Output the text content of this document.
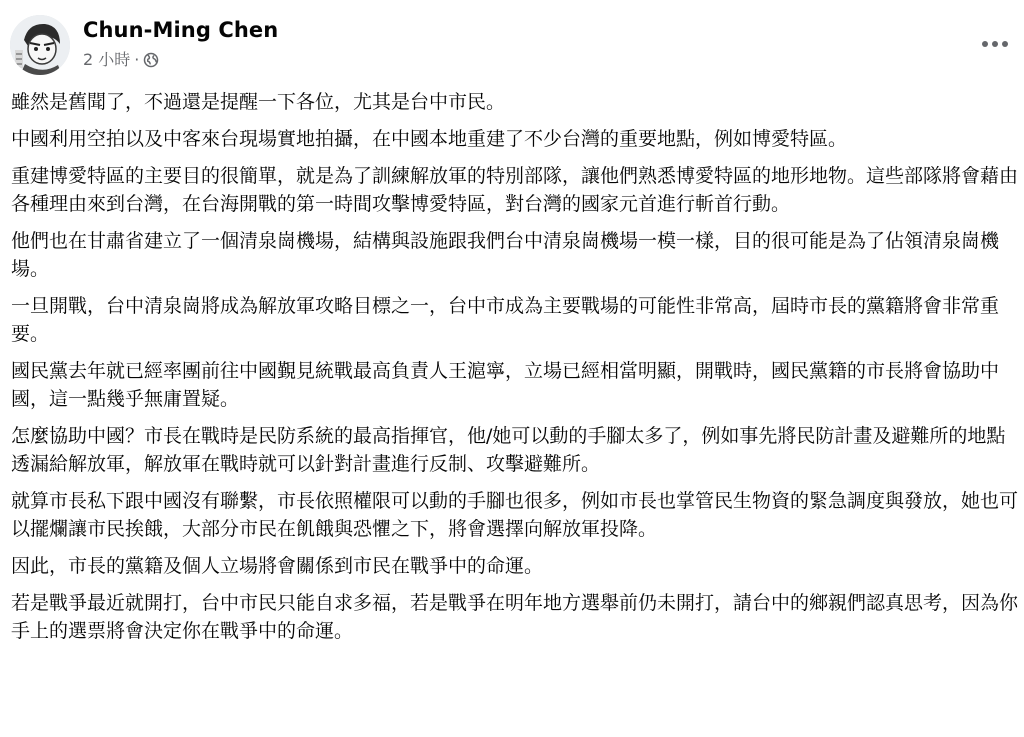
Chun-Ming Chen
2 小時 ·

雖然是舊聞了，不過還是提醒一下各位，尤其是台中市民。

中國利用空拍以及中客來台現場實地拍攝，在中國本地重建了不少台灣的重要地點，例如博愛特區。

重建博愛特區的主要目的很簡單，就是為了訓練解放軍的特別部隊，讓他們熟悉博愛特區的地形地物。這些部隊將會藉由各種理由來到台灣，在台海開戰的第一時間攻擊博愛特區，對台灣的國家元首進行斬首行動。

他們也在甘肅省建立了一個清泉崗機場，結構與設施跟我們台中清泉崗機場一模一樣，目的很可能是為了佔領清泉崗機場。

一旦開戰，台中清泉崗將成為解放軍攻略目標之一，台中市成為主要戰場的可能性非常高，屆時市長的黨籍將會非常重要。

國民黨去年就已經率團前往中國覲見統戰最高負責人王滬寧，立場已經相當明顯，開戰時，國民黨籍的市長將會協助中國，這一點幾乎無庸置疑。

怎麼協助中國？市長在戰時是民防系統的最高指揮官，他/她可以動的手腳太多了，例如事先將民防計畫及避難所的地點透漏給解放軍，解放軍在戰時就可以針對計畫進行反制、攻擊避難所。

就算市長私下跟中國沒有聯繫，市長依照權限可以動的手腳也很多，例如市長也掌管民生物資的緊急調度與發放，她也可以擺爛讓市民挨餓，大部分市民在飢餓與恐懼之下，將會選擇向解放軍投降。

因此，市長的黨籍及個人立場將會關係到市民在戰爭中的命運。

若是戰爭最近就開打，台中市民只能自求多福，若是戰爭在明年地方選舉前仍未開打，請台中的鄉親們認真思考，因為你手上的選票將會決定你在戰爭中的命運。
